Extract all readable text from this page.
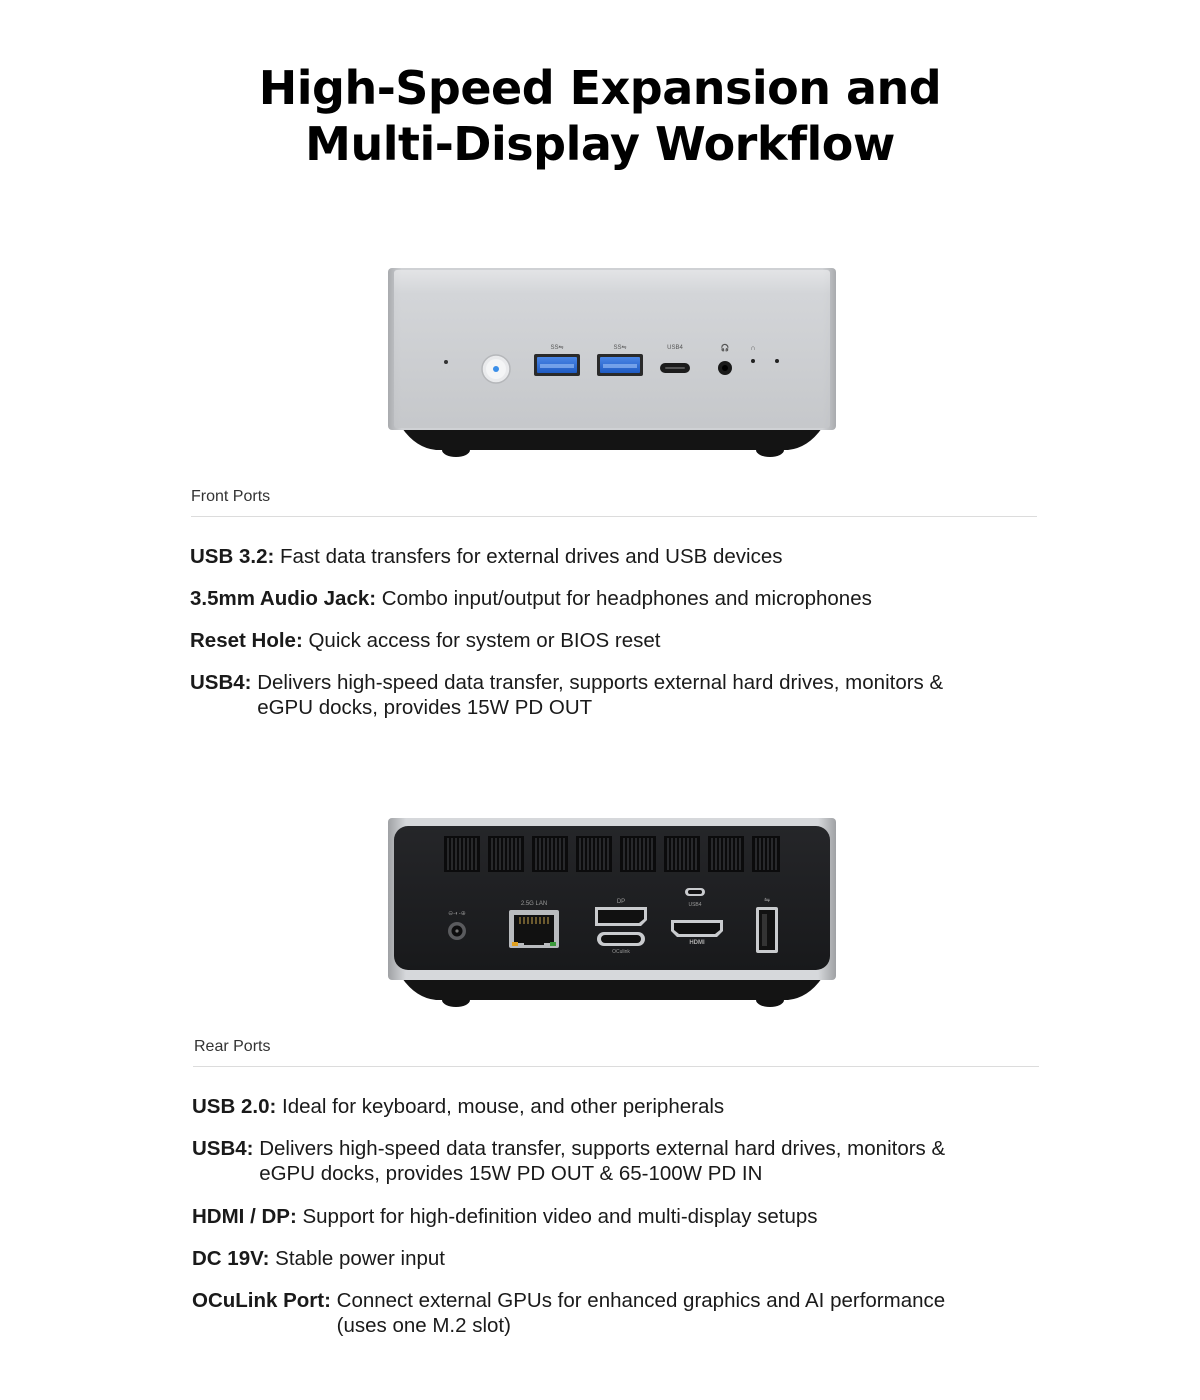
High-Speed Expansion and
Multi-Display Workflow
SS⇋	SS⇋	USB4	🎧	∩
Front Ports
USB 3.2: Fast data transfers for external drives and USB devices
3.5mm Audio Jack: Combo input/output for headphones and microphones
Reset Hole: Quick access for system or BIOS reset
USB4: Delivers high-speed data transfer, supports external hard drives, monitors &
eGPU docks, provides 15W PD OUT
⊖-◐-⊕
2.5G LAN	DP
OCulink
USB4
HDMI
⇋
Rear Ports
USB 2.0: Ideal for keyboard, mouse, and other peripherals
USB4: Delivers high-speed data transfer, supports external hard drives, monitors &
eGPU docks, provides 15W PD OUT & 65-100W PD IN
HDMI / DP: Support for high-definition video and multi-display setups
DC 19V: Stable power input
OCuLink Port: Connect external GPUs for enhanced graphics and AI performance
(uses one M.2 slot)
